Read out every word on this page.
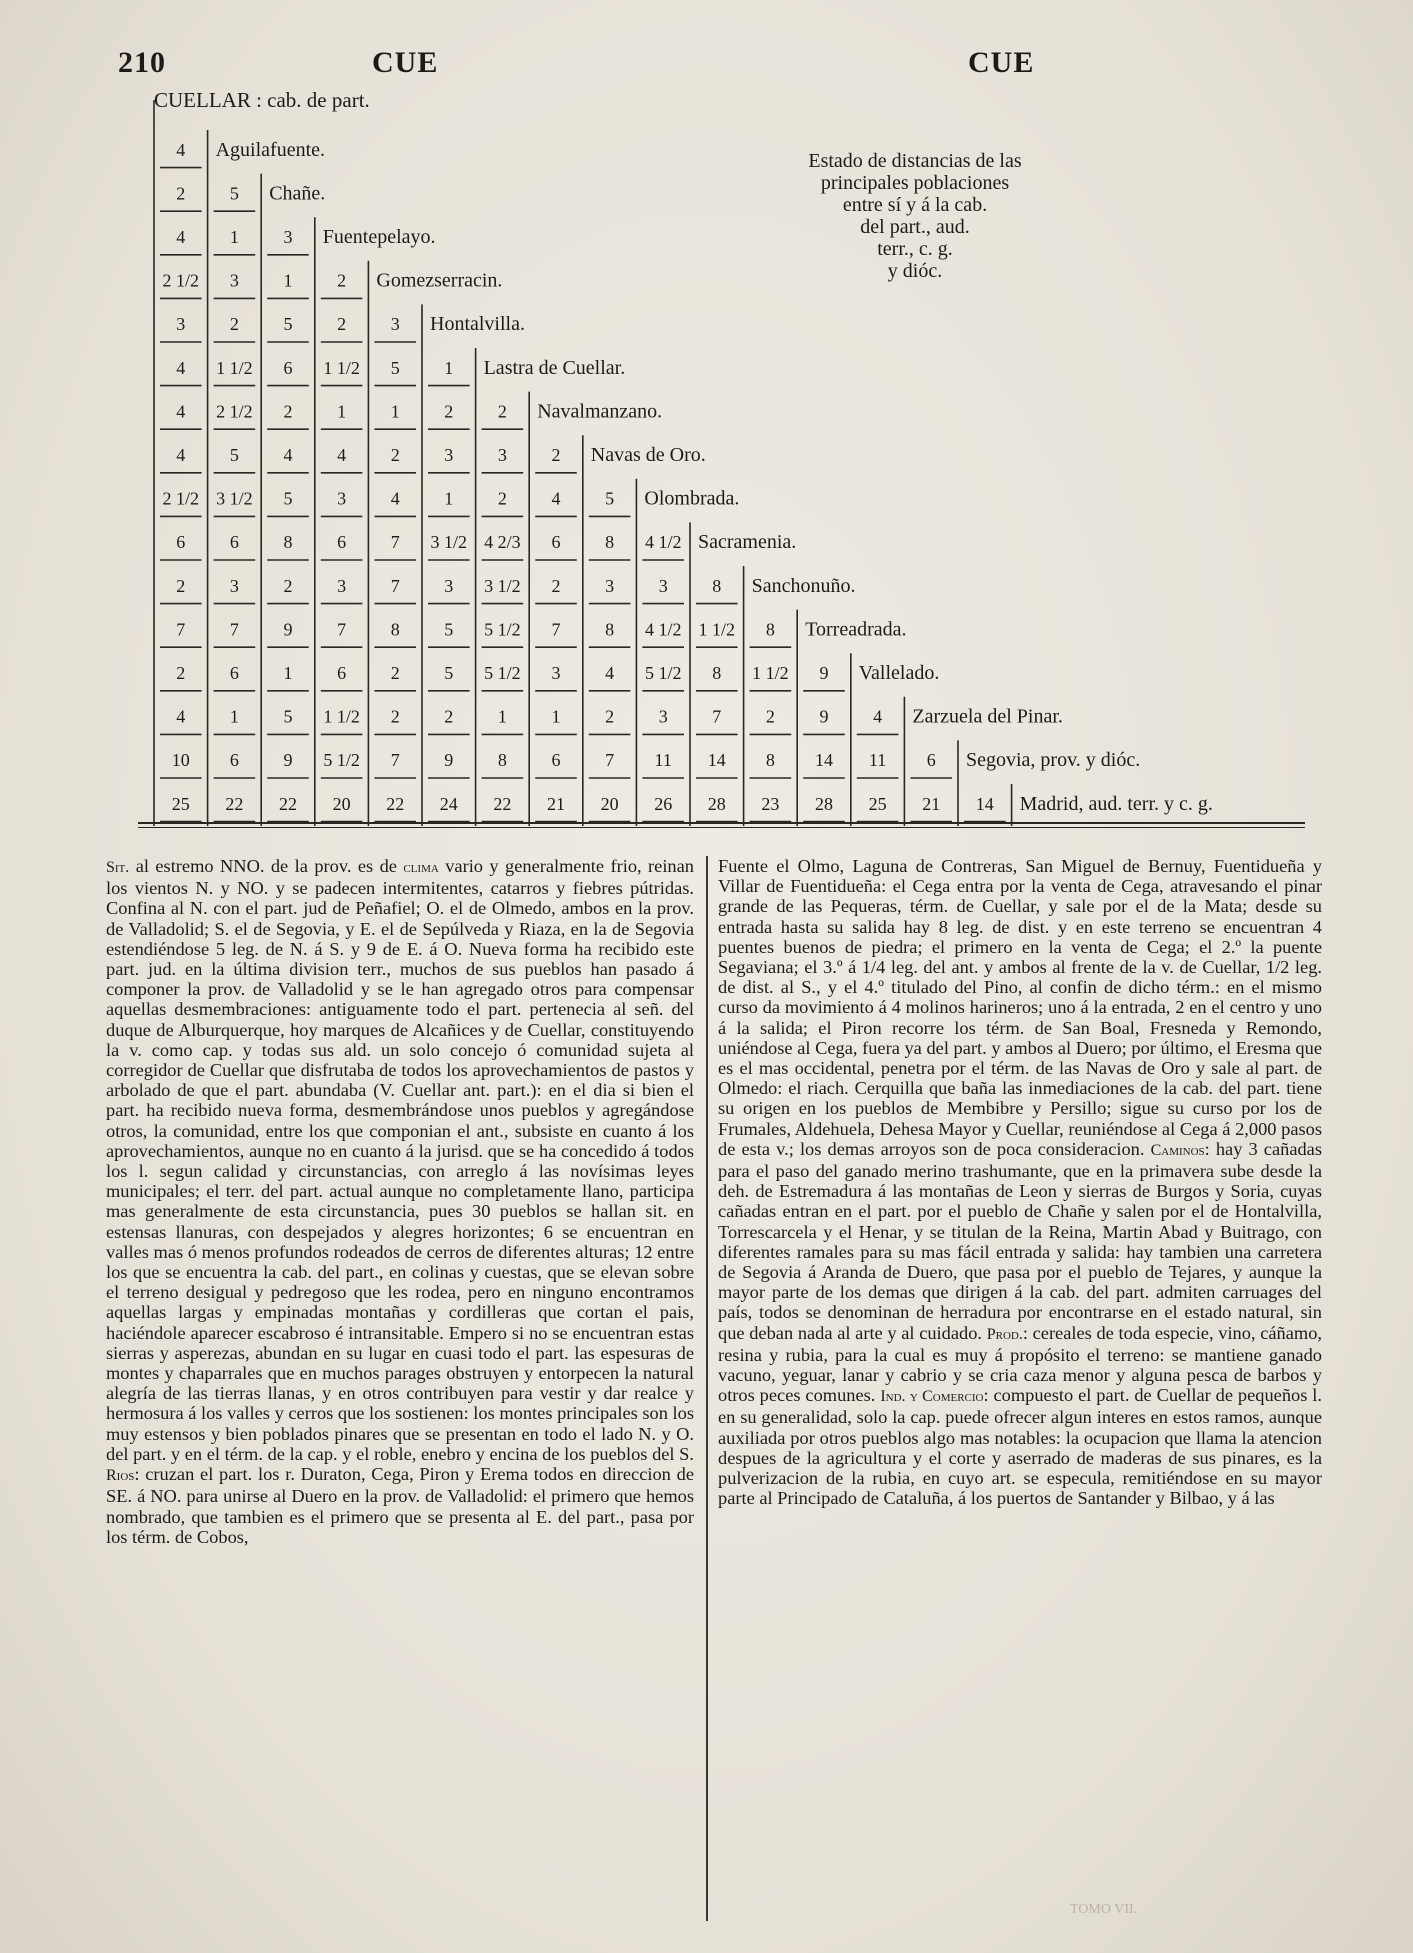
210	CUE	CUE
CUELLAR : cab. de part.
Estado de distancias de las
principales poblaciones
entre sí y á la cab.
del part., aud.
terr., c. g.
y dióc.
4 Aguilafuente.
2 5 Chañe.
4 1 3 Fuentepelayo.
2 1/2 3 1 2 Gomezserracin.
3 2 5 2 3 Hontalvilla.
4 1 1/2 6 1 1/2 5 1 Lastra de Cuellar.
4 2 1/2 2 1 1 2 2 Navalmanzano.
4 5 4 4 2 3 3 2 Navas de Oro.
2 1/2 3 1/2 5 3 4 1 2 4 5 Olombrada.
6 6 8 6 7 3 1/2 4 2/3 6 8 4 1/2 Sacramenia.
2 3 2 3 7 3 3 1/2 2 3 3 8 Sanchonuño.
7 7 9 7 8 5 5 1/2 7 8 4 1/2 1 1/2 8 Torreadrada.
2 6 1 6 2 5 5 1/2 3 4 5 1/2 8 1 1/2 9 Vallelado.
4 1 5 1 1/2 2 2 1 1 2 3 7 2 9 4 Zarzuela del Pinar.
10 6 9 5 1/2 7 9 8 6 7 11 14 8 14 11 6 Segovia, prov. y dióc.
25 22 22 20 22 24 22 21 20 26 28 23 28 25 21 14 Madrid, aud. terr. y c. g.
Sit. al estremo NNO. de la prov. es de clima vario y generalmente frio, reinan los vientos N. y NO. y se padecen intermitentes, catarros y fiebres pútridas. Confina al N. con el part. jud de Peñafiel; O. el de Olmedo, ambos en la prov. de Valladolid; S. el de Segovia, y E. el de Sepúlveda y Riaza, en la de Segovia estendiéndose 5 leg. de N. á S. y 9 de E. á O. Nueva forma ha recibido este part. jud. en la última division terr., muchos de sus pueblos han pasado á componer la prov. de Valladolid y se le han agregado otros para compensar aquellas desmembraciones: antiguamente todo el part. pertenecia al señ. del duque de Alburquerque, hoy marques de Alcañices y de Cuellar, constituyendo la v. como cap. y todas sus ald. un solo concejo ó comunidad sujeta al corregidor de Cuellar que disfrutaba de todos los aprovechamientos de pastos y arbolado de que el part. abundaba (V. Cuellar ant. part.): en el dia si bien el part. ha recibido nueva forma, desmembrándose unos pueblos y agregándose otros, la comunidad, entre los que componian el ant., subsiste en cuanto á los aprovechamientos, aunque no en cuanto á la jurisd. que se ha concedido á todos los l. segun calidad y circunstancias, con arreglo á las novísimas leyes municipales; el terr. del part. actual aunque no completamente llano, participa mas generalmente de esta circunstancia, pues 30 pueblos se hallan sit. en estensas llanuras, con despejados y alegres horizontes; 6 se encuentran en valles mas ó menos profundos rodeados de cerros de diferentes alturas; 12 entre los que se encuentra la cab. del part., en colinas y cuestas, que se elevan sobre el terreno desigual y pedregoso que les rodea, pero en ninguno encontramos aquellas largas y empinadas montañas y cordilleras que cortan el pais, haciéndole aparecer escabroso é intransitable. Empero si no se encuentran estas sierras y asperezas, abundan en su lugar en cuasi todo el part. las espesuras de montes y chaparrales que en muchos parages obstruyen y entorpecen la natural alegría de las tierras llanas, y en otros contribuyen para vestir y dar realce y hermosura á los valles y cerros que los sostienen: los montes principales son los muy estensos y bien poblados pinares que se presentan en todo el lado N. y O. del part. y en el térm. de la cap. y el roble, enebro y encina de los pueblos del S. Rios: cruzan el part. los r. Duraton, Cega, Piron y Erema todos en direccion de SE. á NO. para unirse al Duero en la prov. de Valladolid: el primero que hemos nombrado, que tambien es el primero que se presenta al E. del part., pasa por los térm. de Cobos,
Fuente el Olmo, Laguna de Contreras, San Miguel de Bernuy, Fuentidueña y Villar de Fuentidueña: el Cega entra por la venta de Cega, atravesando el pinar grande de las Pequeras, térm. de Cuellar, y sale por el de la Mata; desde su entrada hasta su salida hay 8 leg. de dist. y en este terreno se encuentran 4 puentes buenos de piedra; el primero en la venta de Cega; el 2.º la puente Segaviana; el 3.º á 1/4 leg. del ant. y ambos al frente de la v. de Cuellar, 1/2 leg. de dist. al S., y el 4.º titulado del Pino, al confin de dicho térm.: en el mismo curso da movimiento á 4 molinos harineros; uno á la entrada, 2 en el centro y uno á la salida; el Piron recorre los térm. de San Boal, Fresneda y Remondo, uniéndose al Cega, fuera ya del part. y ambos al Duero; por último, el Eresma que es el mas occidental, penetra por el térm. de las Navas de Oro y sale al part. de Olmedo: el riach. Cerquilla que baña las inmediaciones de la cab. del part. tiene su origen en los pueblos de Membibre y Persillo; sigue su curso por los de Frumales, Aldehuela, Dehesa Mayor y Cuellar, reuniéndose al Cega á 2,000 pasos de esta v.; los demas arroyos son de poca consideracion. Caminos: hay 3 cañadas para el paso del ganado merino trashumante, que en la primavera sube desde la deh. de Estremadura á las montañas de Leon y sierras de Burgos y Soria, cuyas cañadas entran en el part. por el pueblo de Chañe y salen por el de Hontalvilla, Torrescarcela y el Henar, y se titulan de la Reina, Martin Abad y Buitrago, con diferentes ramales para su mas fácil entrada y salida: hay tambien una carretera de Segovia á Aranda de Duero, que pasa por el pueblo de Tejares, y aunque la mayor parte de los demas que dirigen á la cab. del part. admiten carruages del país, todos se denominan de herradura por encontrarse en el estado natural, sin que deban nada al arte y al cuidado. Prod.: cereales de toda especie, vino, cáñamo, resina y rubia, para la cual es muy á propósito el terreno: se mantiene ganado vacuno, yeguar, lanar y cabrio y se cria caza menor y alguna pesca de barbos y otros peces comunes. Ind. y Comercio: compuesto el part. de Cuellar de pequeños l. en su generalidad, solo la cap. puede ofrecer algun interes en estos ramos, aunque auxiliada por otros pueblos algo mas notables: la ocupacion que llama la atencion despues de la agricultura y el corte y aserrado de maderas de sus pinares, es la pulverizacion de la rubia, en cuyo art. se especula, remitiéndose en su mayor parte al Principado de Cataluña, á los puertos de Santander y Bilbao, y á las
TOMO VII.
